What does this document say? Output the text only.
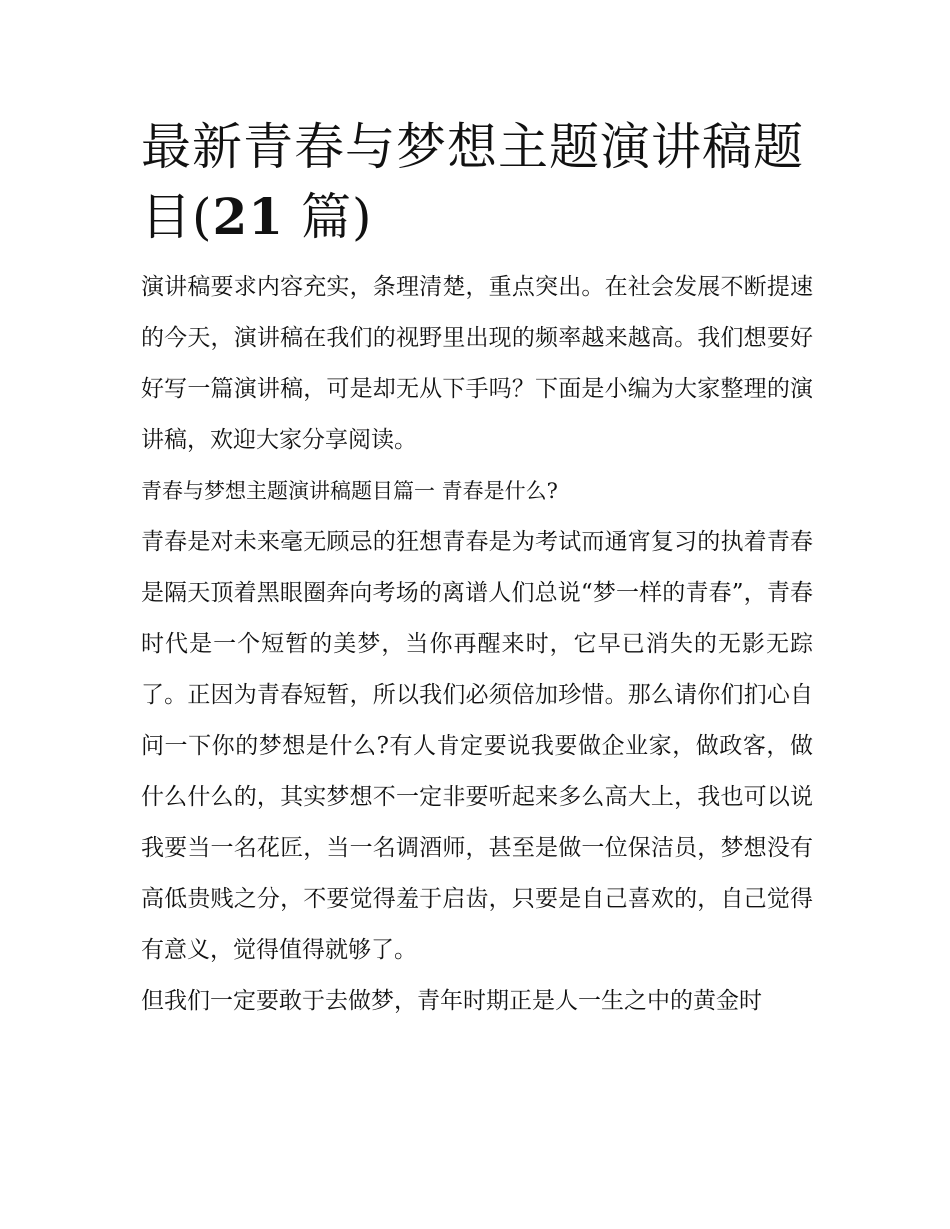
最新青春与梦想主题演讲稿题目(21 篇)

演讲稿要求内容充实，条理清楚，重点突出。在社会发展不断提速的今天，演讲稿在我们的视野里出现的频率越来越高。我们想要好好写一篇演讲稿，可是却无从下手吗？下面是小编为大家整理的演讲稿，欢迎大家分享阅读。

青春与梦想主题演讲稿题目篇一 青春是什么?

青春是对未来毫无顾忌的狂想青春是为考试而通宵复习的执着青春是隔天顶着黑眼圈奔向考场的离谱人们总说“梦一样的青春”，青春时代是一个短暂的美梦，当你再醒来时，它早已消失的无影无踪了。正因为青春短暂，所以我们必须倍加珍惜。那么请你们扪心自问一下你的梦想是什么?有人肯定要说我要做企业家，做政客，做什么什么的，其实梦想不一定非要听起来多么高大上，我也可以说我要当一名花匠，当一名调酒师，甚至是做一位保洁员，梦想没有高低贵贱之分，不要觉得羞于启齿，只要是自己喜欢的，自己觉得有意义，觉得值得就够了。

但我们一定要敢于去做梦，青年时期正是人一生之中的黄金时
